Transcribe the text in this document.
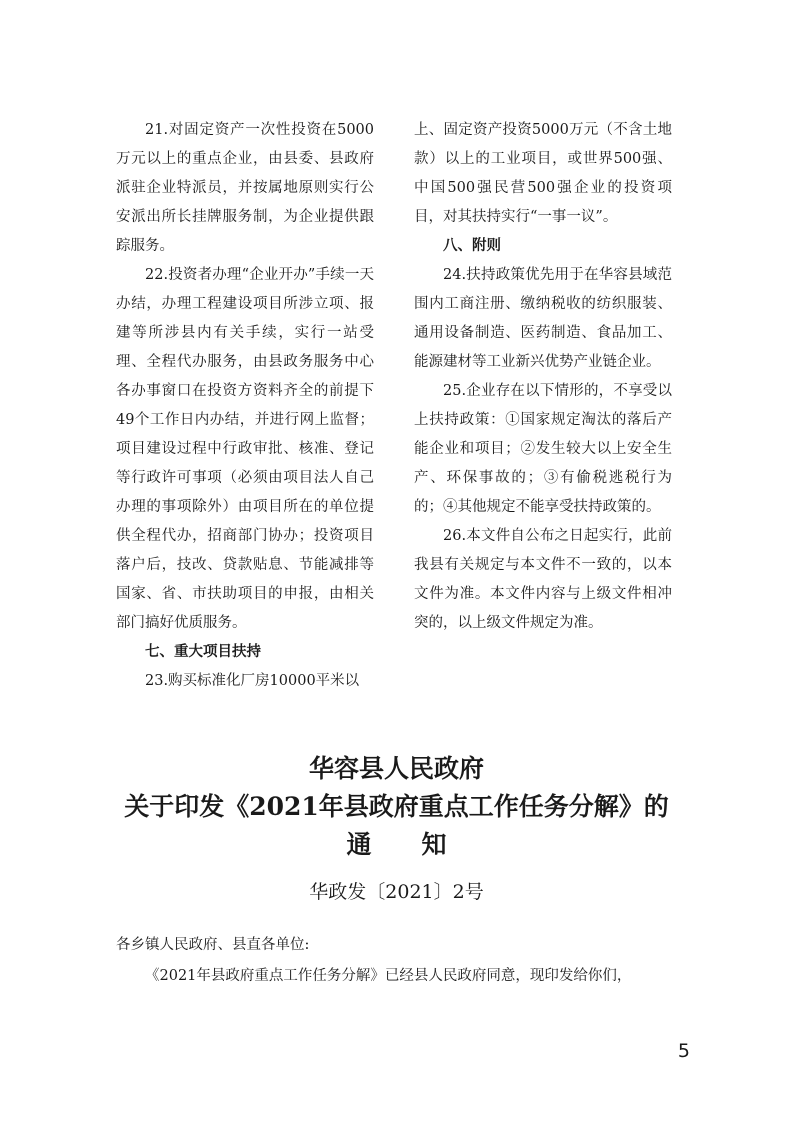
21.对固定资产一次性投资在5000万元以上的重点企业，由县委、县政府派驻企业特派员，并按属地原则实行公安派出所长挂牌服务制，为企业提供跟踪服务。

22.投资者办理“企业开办”手续一天办结，办理工程建设项目所涉立项、报建等所涉县内有关手续，实行一站受理、全程代办服务，由县政务服务中心各办事窗口在投资方资料齐全的前提下49个工作日内办结，并进行网上监督；项目建设过程中行政审批、核准、登记等行政许可事项（必须由项目法人自己办理的事项除外）由项目所在的单位提供全程代办，招商部门协办；投资项目落户后，技改、贷款贴息、节能减排等国家、省、市扶助项目的申报，由相关部门搞好优质服务。

七、重大项目扶持

23.购买标准化厂房10000平米以

上、固定资产投资5000万元（不含土地款）以上的工业项目，或世界500强、中国500强民营500强企业的投资项目，对其扶持实行“一事一议”。

八、附则

24.扶持政策优先用于在华容县域范围内工商注册、缴纳税收的纺织服装、通用设备制造、医药制造、食品加工、能源建材等工业新兴优势产业链企业。

25.企业存在以下情形的，不享受以上扶持政策：①国家规定淘汰的落后产能企业和项目；②发生较大以上安全生产、环保事故的；③有偷税逃税行为的；④其他规定不能享受扶持政策的。

26.本文件自公布之日起实行，此前我县有关规定与本文件不一致的，以本文件为准。本文件内容与上级文件相冲突的，以上级文件规定为准。

华容县人民政府
关于印发《2021年县政府重点工作任务分解》的
通　　知
华政发〔2021〕2号
各乡镇人民政府、县直各单位:
《2021年县政府重点工作任务分解》已经县人民政府同意，现印发给你们，
5
